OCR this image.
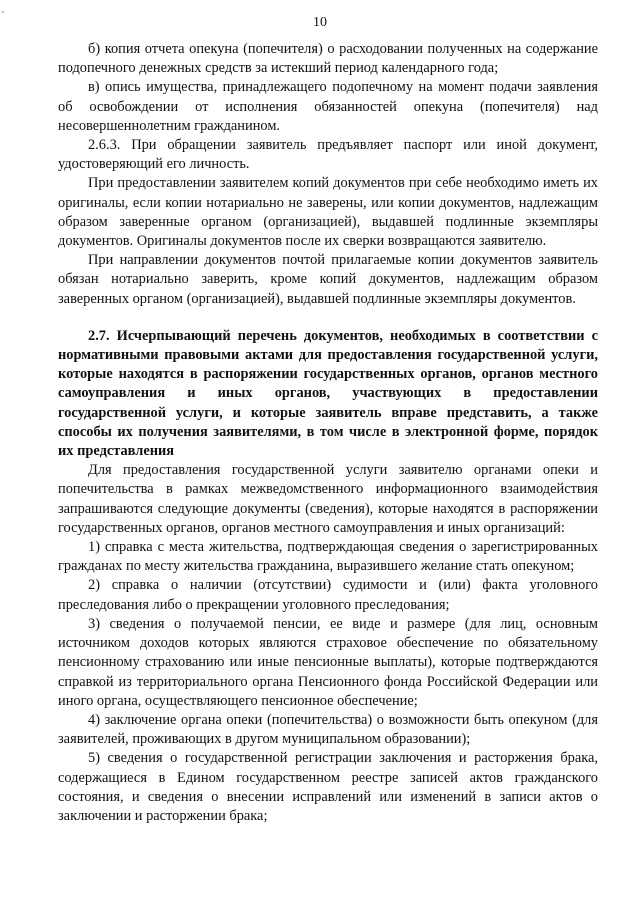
'	10

б) копия отчета опекуна (попечителя) о расходовании полученных на содержание подопечного денежных средств за истекший период календарного года;

в) опись имущества, принадлежащего подопечному на момент подачи заявления об освобождении от исполнения обязанностей опекуна (попечителя) над несовершеннолетним гражданином.

2.6.3. При обращении заявитель предъявляет паспорт или иной документ, удостоверяющий его личность.

При предоставлении заявителем копий документов при себе необходимо иметь их оригиналы, если копии нотариально не заверены, или копии документов, надлежащим образом заверенные органом (организацией), выдавшей подлинные экземпляры документов. Оригиналы документов после их сверки возвращаются заявителю.

При направлении документов почтой прилагаемые копии документов заявитель обязан нотариально заверить, кроме копий документов, надлежащим образом заверенных органом (организацией), выдавшей подлинные экземпляры документов.

2.7. Исчерпывающий перечень документов, необходимых в соответствии с нормативными правовыми актами для предоставления государственной услуги, которые находятся в распоряжении государственных органов, органов местного самоуправления и иных органов, участвующих в предоставлении государственной услуги, и которые заявитель вправе представить, а также способы их получения заявителями, в том числе в электронной форме, порядок их представления

Для предоставления государственной услуги заявителю органами опеки и попечительства в рамках межведомственного информационного взаимодействия запрашиваются следующие документы (сведения), которые находятся в распоряжении государственных органов, органов местного самоуправления и иных организаций:

1) справка с места жительства, подтверждающая сведения о зарегистрированных гражданах по месту жительства гражданина, выразившего желание стать опекуном;

2) справка о наличии (отсутствии) судимости и (или) факта уголовного преследования либо о прекращении уголовного преследования;

3) сведения о получаемой пенсии, ее виде и размере (для лиц, основным источником доходов которых являются страховое обеспечение по обязательному пенсионному страхованию или иные пенсионные выплаты), которые подтверждаются справкой из территориального органа Пенсионного фонда Российской Федерации или иного органа, осуществляющего пенсионное обеспечение;

4) заключение органа опеки (попечительства) о возможности быть опекуном (для заявителей, проживающих в другом муниципальном образовании);

5) сведения о государственной регистрации заключения и расторжения брака, содержащиеся в Едином государственном реестре записей актов гражданского состояния, и сведения о внесении исправлений или изменений в записи актов о заключении и расторжении брака;
